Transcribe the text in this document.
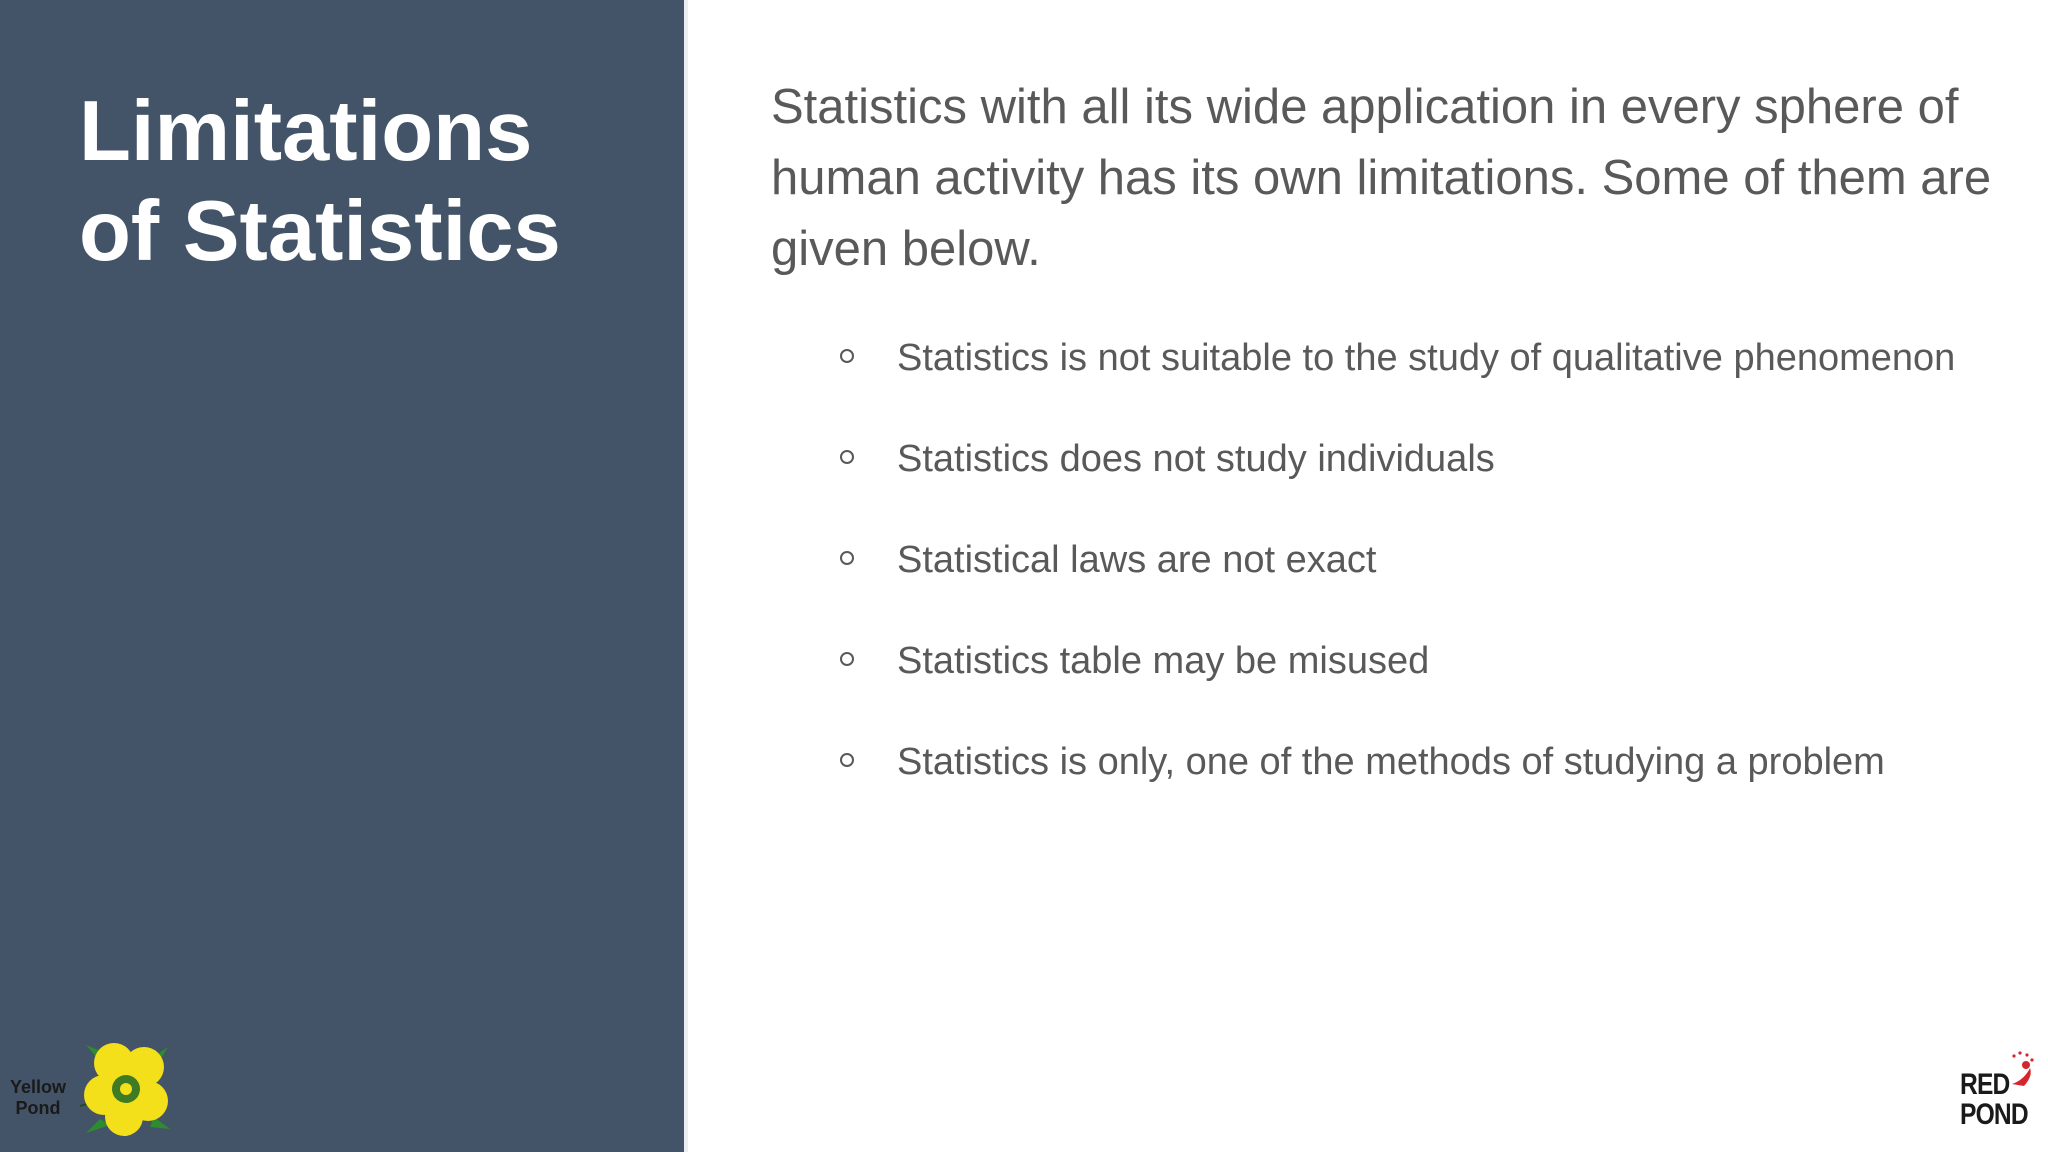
Limitations
of Statistics
Yellow
Pond

Statistics with all its wide application in every sphere of human activity has its own limitations. Some of them are given below.

Statistics is not suitable to the study of qualitative phenomenon
Statistics does not study individuals
Statistical laws are not exact
Statistics table may be misused
Statistics is only, one of the methods of studying a problem
RED
POND
